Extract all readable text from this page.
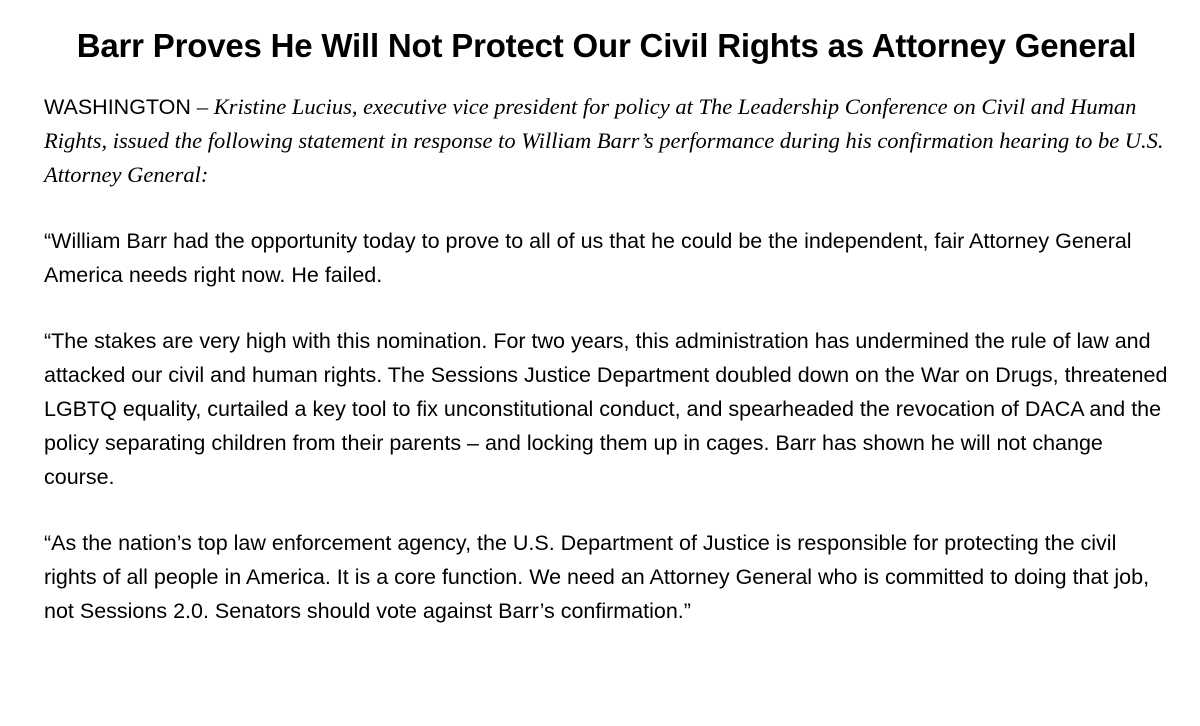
Barr Proves He Will Not Protect Our Civil Rights as Attorney General

WASHINGTON – Kristine Lucius, executive vice president for policy at The Leadership Conference on Civil and Human Rights, issued the following statement in response to William Barr’s performance during his confirmation hearing to be U.S. Attorney General:

“William Barr had the opportunity today to prove to all of us that he could be the independent, fair Attorney General America needs right now. He failed.

“The stakes are very high with this nomination. For two years, this administration has undermined the rule of law and attacked our civil and human rights. The Sessions Justice Department doubled down on the War on Drugs, threatened LGBTQ equality, curtailed a key tool to fix unconstitutional conduct, and spearheaded the revocation of DACA and the policy separating children from their parents – and locking them up in cages. Barr has shown he will not change course.

“As the nation’s top law enforcement agency, the U.S. Department of Justice is responsible for protecting the civil rights of all people in America. It is a core function. We need an Attorney General who is committed to doing that job, not Sessions 2.0. Senators should vote against Barr’s confirmation.”
